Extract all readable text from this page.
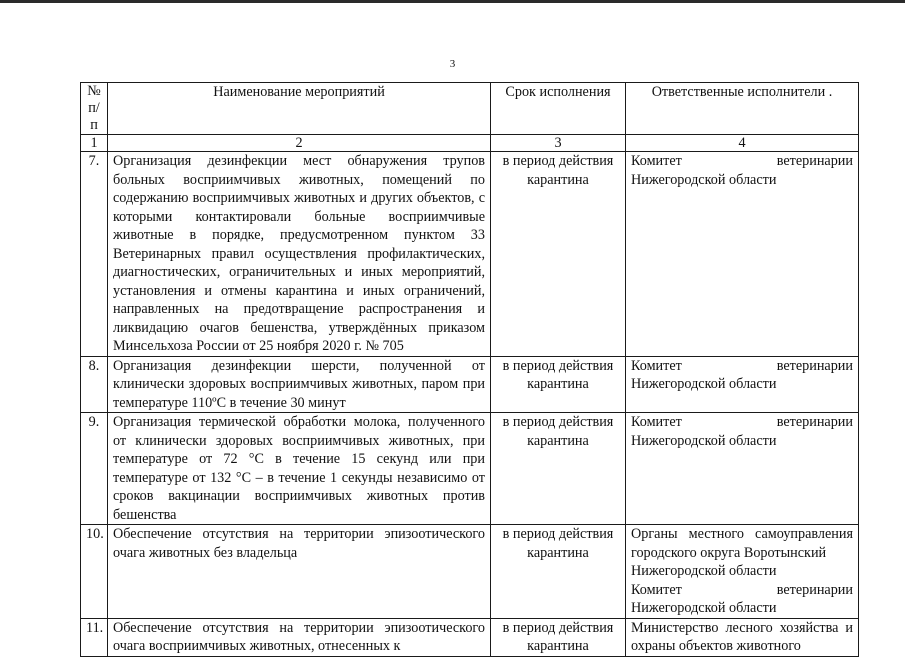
3
№
п/п	Наименование мероприятий	Срок исполнения	Ответственные исполнители .
1	2	3	4
7.	Организация дезинфекции мест обнаружения трупов больных восприимчивых животных, помещений по содержанию восприимчивых животных и других объектов, с которыми контактировали больные восприимчивые животные в порядке, предусмотренном пунктом 33 Ветеринарных правил осуществления профилактических, диагностических, ограничительных и иных мероприятий, установления и отмены карантина и иных ограничений, направленных на предотвращение распространения и ликвидацию очагов бешенства, утверждённых приказом Минсельхоза России от 25 ноября 2020 г. № 705	в период действия карантина	Комитет ветеринарии
Нижегородской области

8.	Организация дезинфекции шерсти, полученной от клинически здоровых восприимчивых животных, паром при температуре 110ºС в течение 30 минут	в период действия карантина	Комитет ветеринарии
Нижегородской области

9.	Организация термической обработки молока, полученного от клинически здоровых восприимчивых животных, при температуре от 72 °С в течение 15 секунд или при температуре от 132 °С – в течение 1 секунды независимо от сроков вакцинации восприимчивых животных против бешенства	в период действия карантина	Комитет ветеринарии
Нижегородской области

10.	Обеспечение отсутствия на территории эпизоотического очага животных без владельца	в период действия карантина	Органы местного самоуправления городского округа Воротынский
Нижегородской области
Комитет ветеринарии
Нижегородской области

11.	Обеспечение отсутствия на территории эпизоотического очага восприимчивых животных, отнесенных к	в период действия карантина	Министерство лесного хозяйства и охраны объектов животного
